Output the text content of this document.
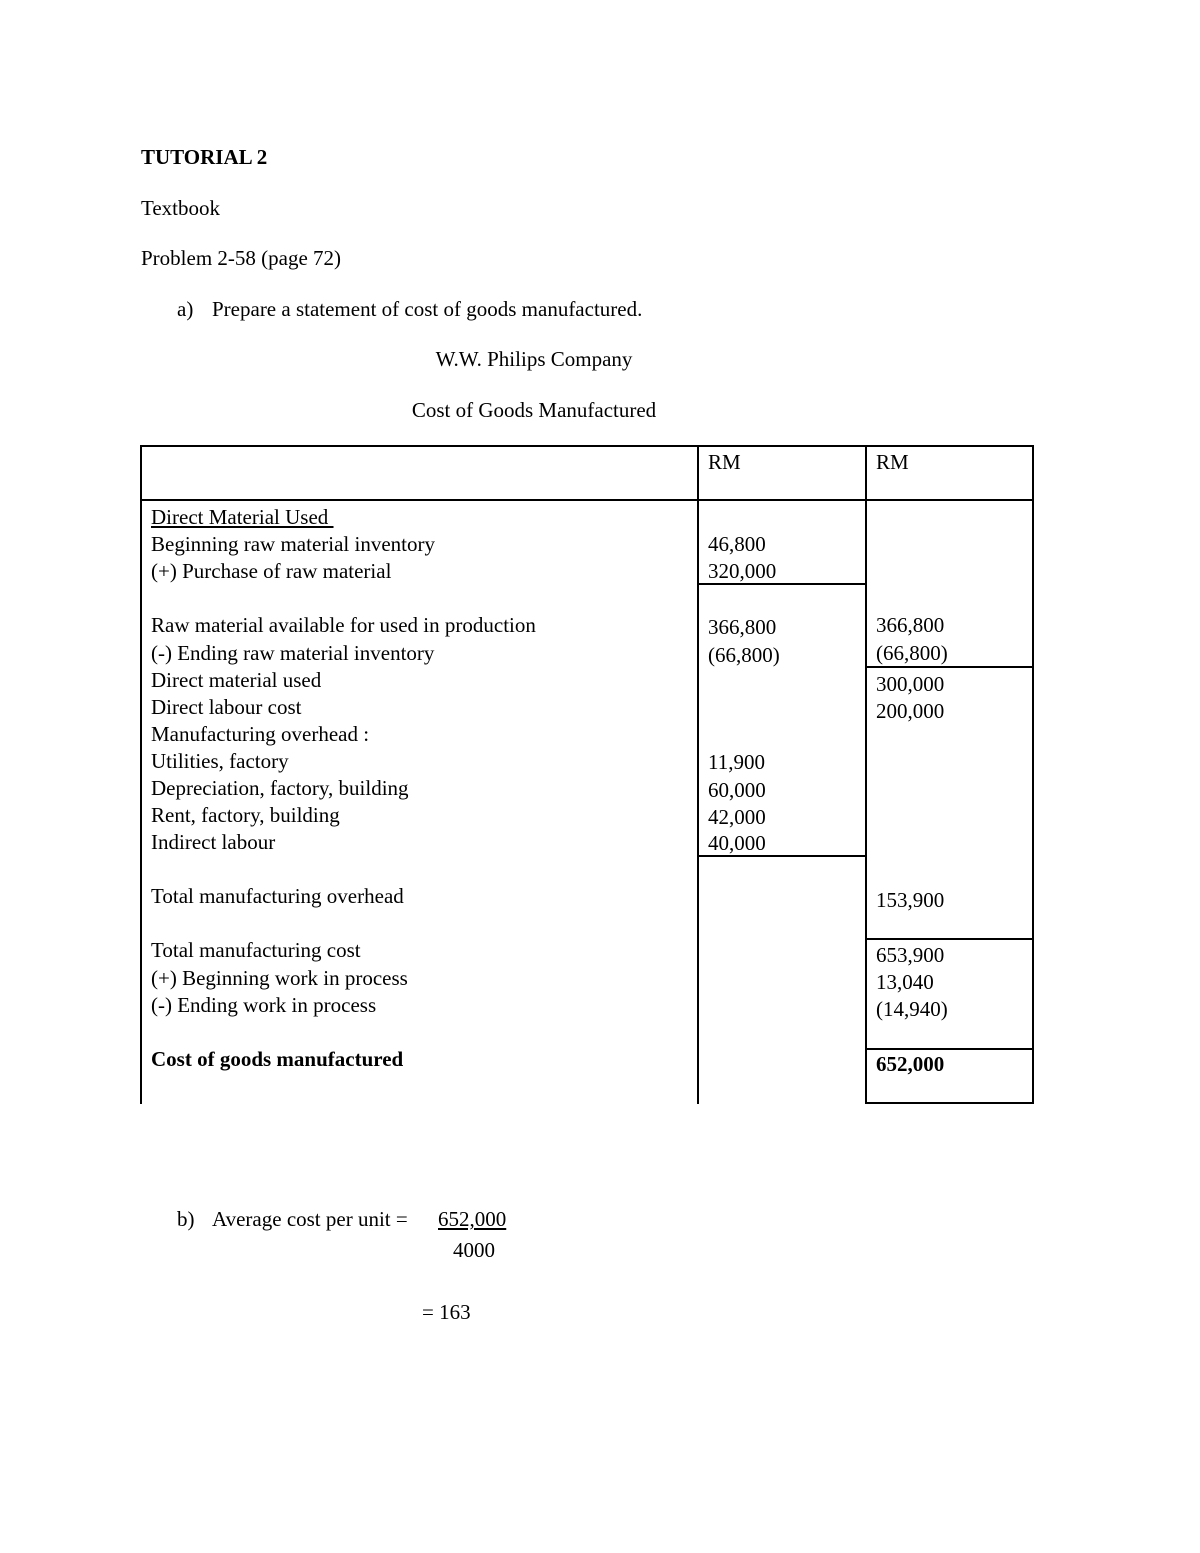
TUTORIAL 2
Textbook
Problem 2-58 (page 72)
a) Prepare a statement of cost of goods manufactured.
W.W. Philips Company
Cost of Goods Manufactured
RM	RM
Direct Material Used
Beginning raw material inventory
(+) Purchase of raw material
Raw material available for used in production
(-) Ending raw material inventory
Direct material used
Direct labour cost
Manufacturing overhead :
Utilities, factory
Depreciation, factory, building
Rent, factory, building
Indirect labour
Total manufacturing overhead
Total manufacturing cost
(+) Beginning work in process
(-) Ending work in process
Cost of goods manufactured
46,800
320,000
366,800
(66,800)
11,900
60,000
42,000
40,000
366,800
(66,800)
300,000
200,000
153,900
653,900
13,040
(14,940)
652,000
b) Average cost per unit = 652,000
4000
= 163
